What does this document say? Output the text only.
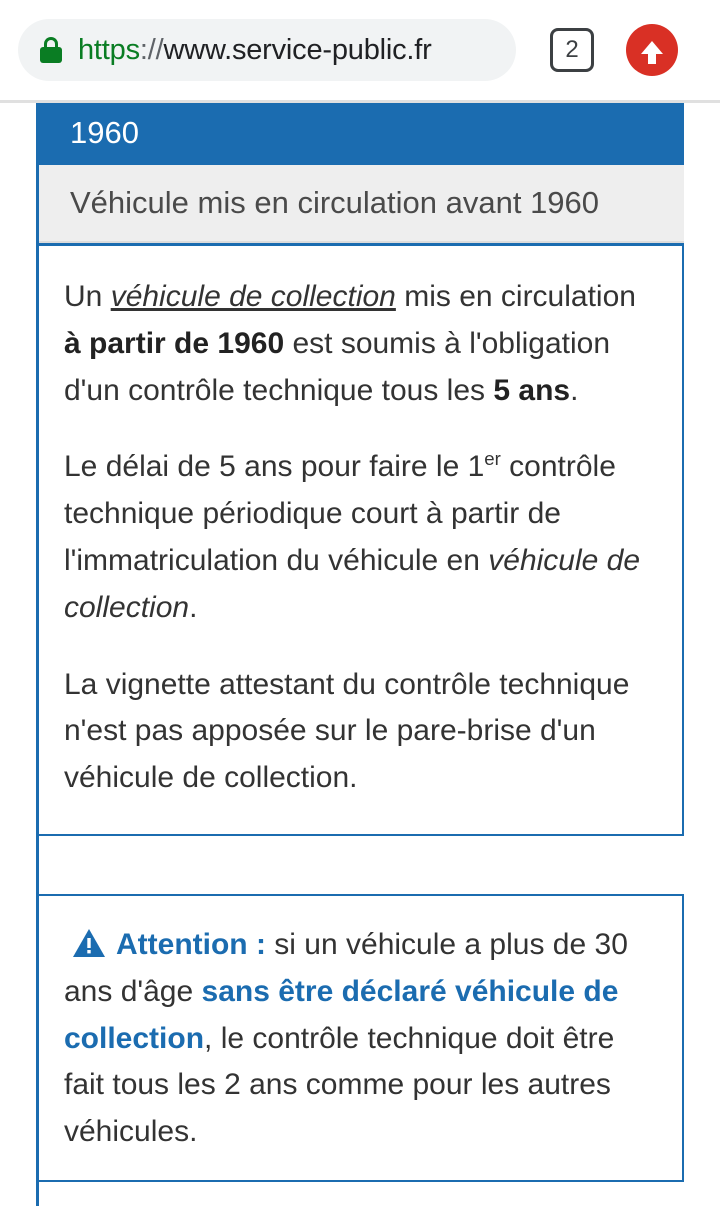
https://www.service-public.fr	2
1960
Véhicule mis en circulation avant 1960

Un véhicule de collection mis en circulation à partir de 1960 est soumis à l'obligation d'un contrôle technique tous les 5 ans.

Le délai de 5 ans pour faire le 1er contrôle technique périodique court à partir de l'immatriculation du véhicule en véhicule de collection.

La vignette attestant du contrôle technique n'est pas apposée sur le pare-brise d'un véhicule de collection.

Attention : si un véhicule a plus de 30 ans d'âge sans être déclaré véhicule de collection, le contrôle technique doit être fait tous les 2 ans comme pour les autres véhicules.
